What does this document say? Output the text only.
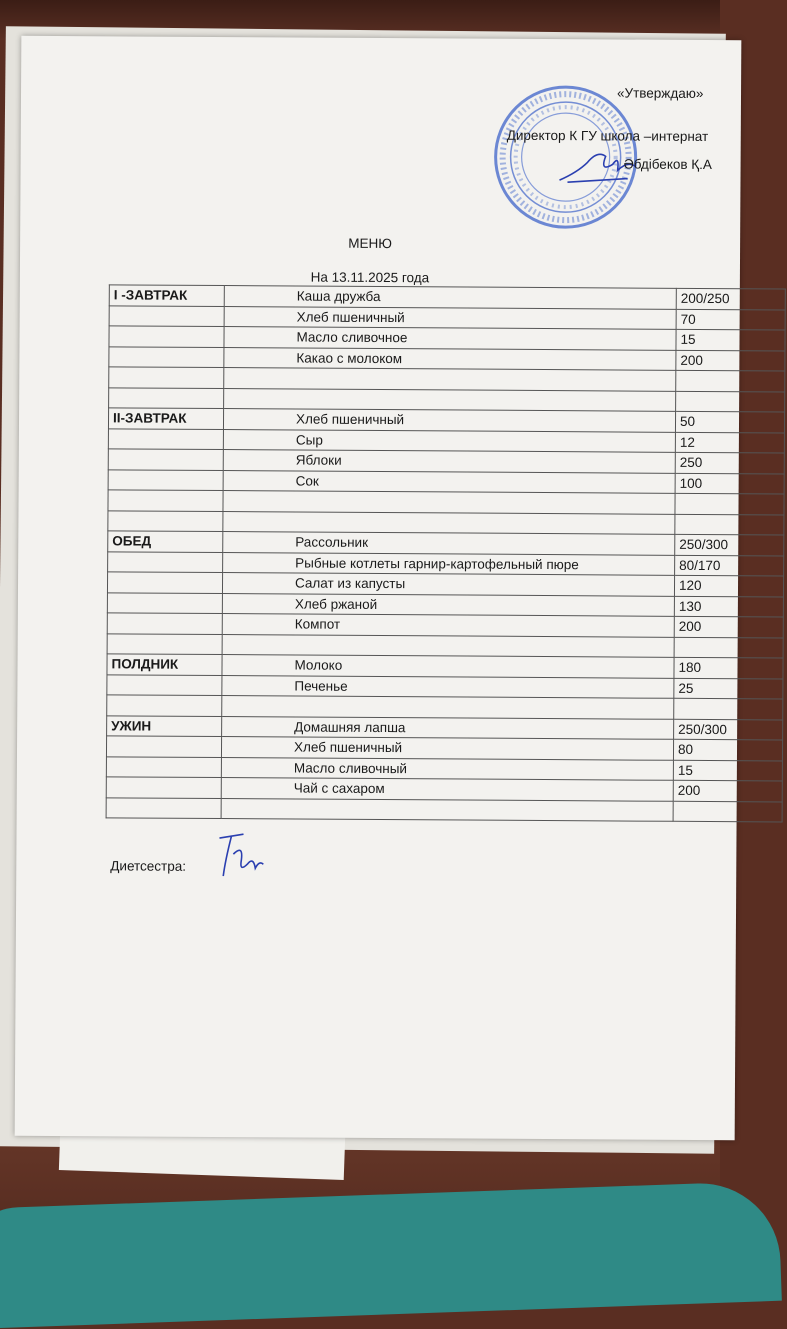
«Утверждаю»
Директор К ГУ школа –интернат
Әбдібеков Қ.А
МЕНЮ
На 13.11.2025 года
I -ЗАВТРАК	Каша дружба	200/250
	Хлеб пшеничный	70
	Масло сливочное	15
	Какао с молоком	200

II-ЗАВТРАК	Хлеб пшеничный	50
	Сыр	12
	Яблоки	250
	Сок	100

ОБЕД	Рассольник	250/300
	Рыбные котлеты гарнир-картофельный пюре	80/170
	Салат из капусты	120
	Хлеб ржаной	130
	Компот	200

ПОЛДНИК	Молоко	180
	Печенье	25

УЖИН	Домашняя лапша	250/300
	Хлеб пшеничный	80
	Масло сливочный	15
	Чай с сахаром	200

Диетсестра:
